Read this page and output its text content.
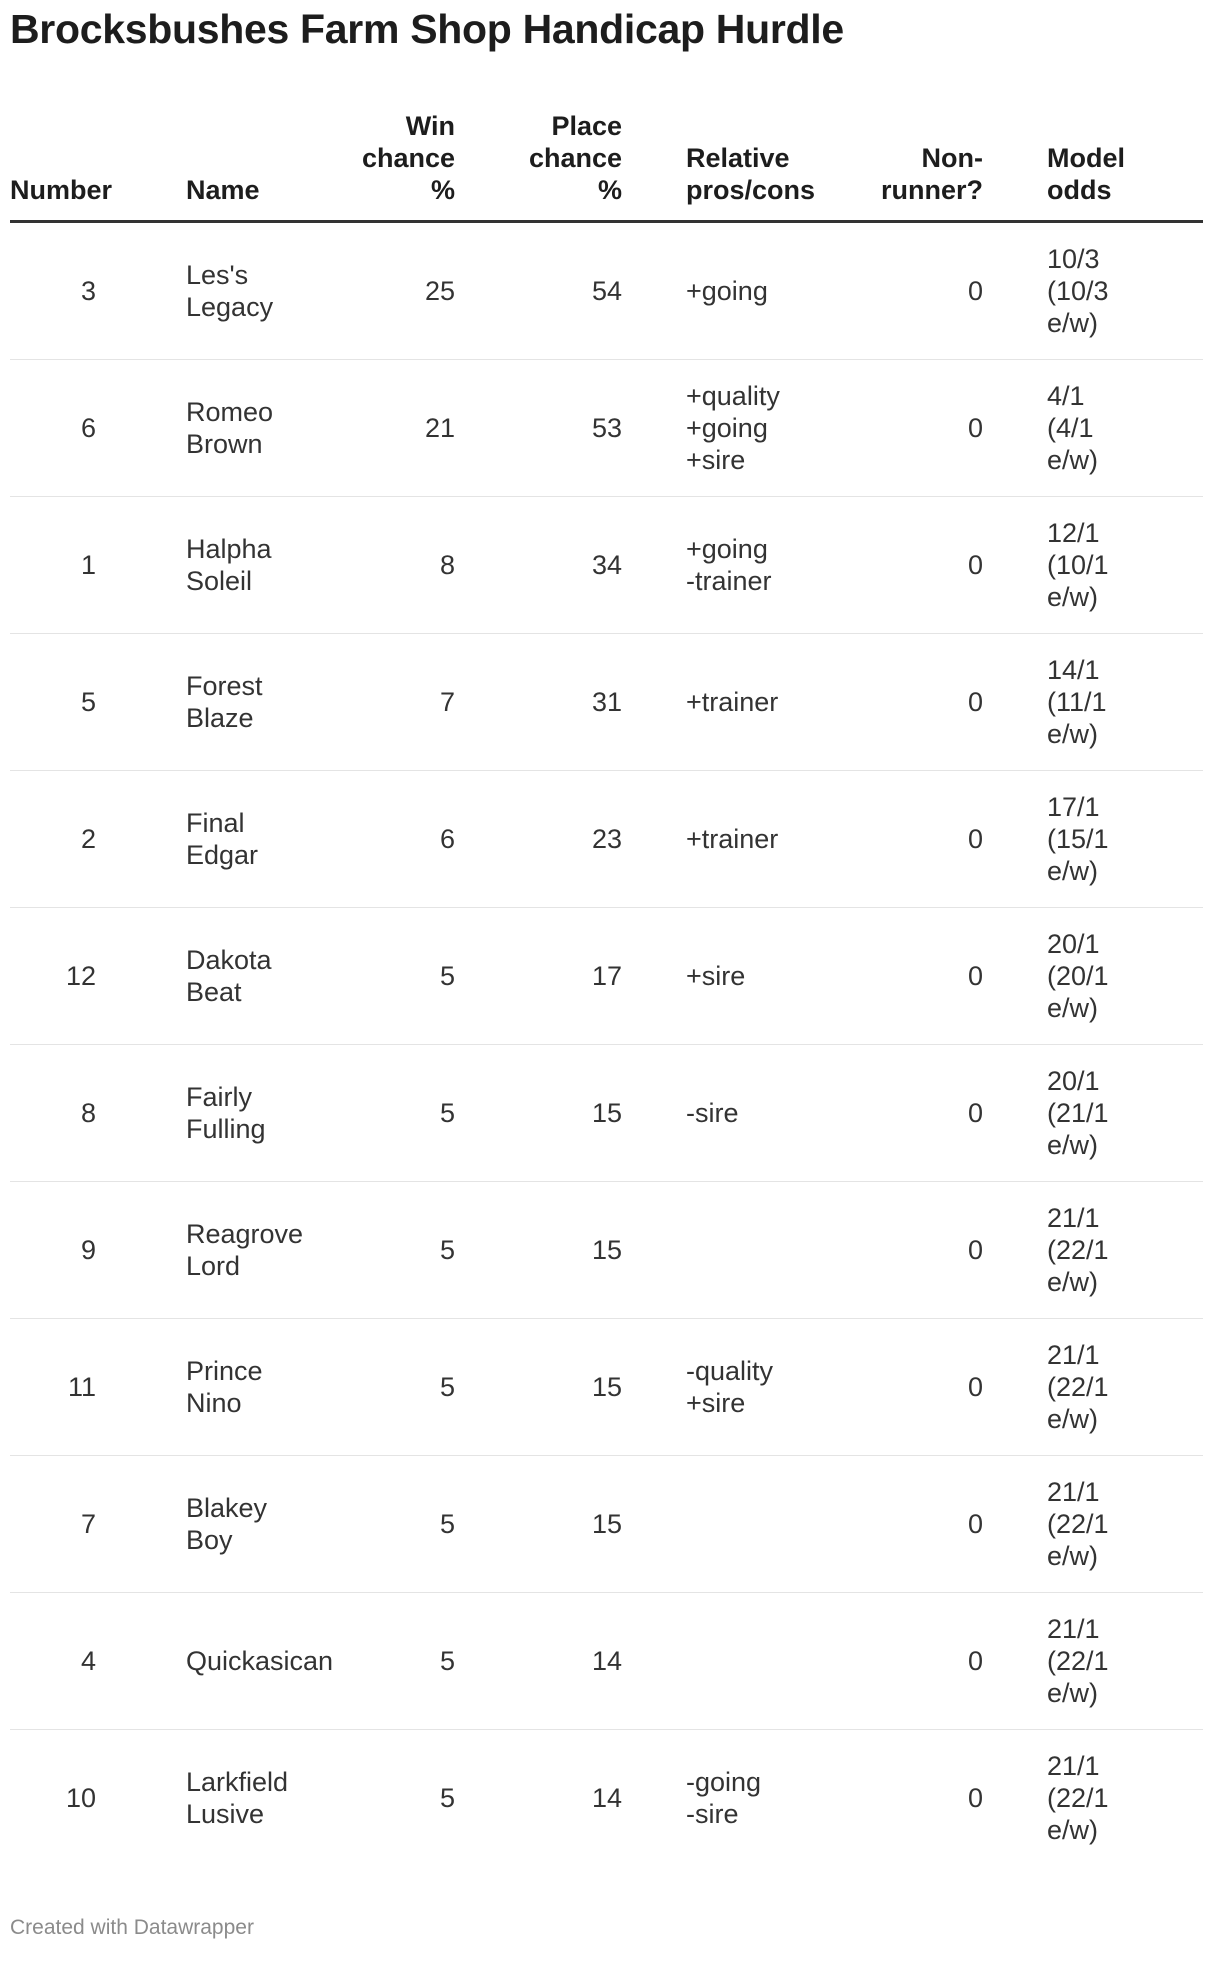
Brocksbushes Farm Shop Handicap Hurdle
Number	Name	Win
chance
%	Place
chance
%	Relative
pros/cons	Non-
runner?	Model
odds
3	Les's
Legacy	25	54	+going	0	10/3
(10/3
e/w)
6	Romeo
Brown	21	53	+quality
+going
+sire	0	4/1
(4/1
e/w)
1	Halpha
Soleil	8	34	+going
-trainer	0	12/1
(10/1
e/w)
5	Forest
Blaze	7	31	+trainer	0	14/1
(11/1
e/w)
2	Final Edgar	6	23	+trainer	0	17/1
(15/1
e/w)
12	Dakota Beat	5	17	+sire	0	20/1
(20/1
e/w)
8	Fairly
Fulling	5	15	-sire	0	20/1
(21/1
e/w)
9	Reagrove
Lord	5	15		0	21/1
(22/1
e/w)
11	Prince Nino	5	15	-quality
+sire	0	21/1
(22/1
e/w)
7	Blakey Boy	5	15		0	21/1
(22/1
e/w)
4	Quickasican	5	14		0	21/1
(22/1
e/w)
10	Larkfield
Lusive	5	14	-going
-sire	0	21/1
(22/1
e/w)
Created with Datawrapper
